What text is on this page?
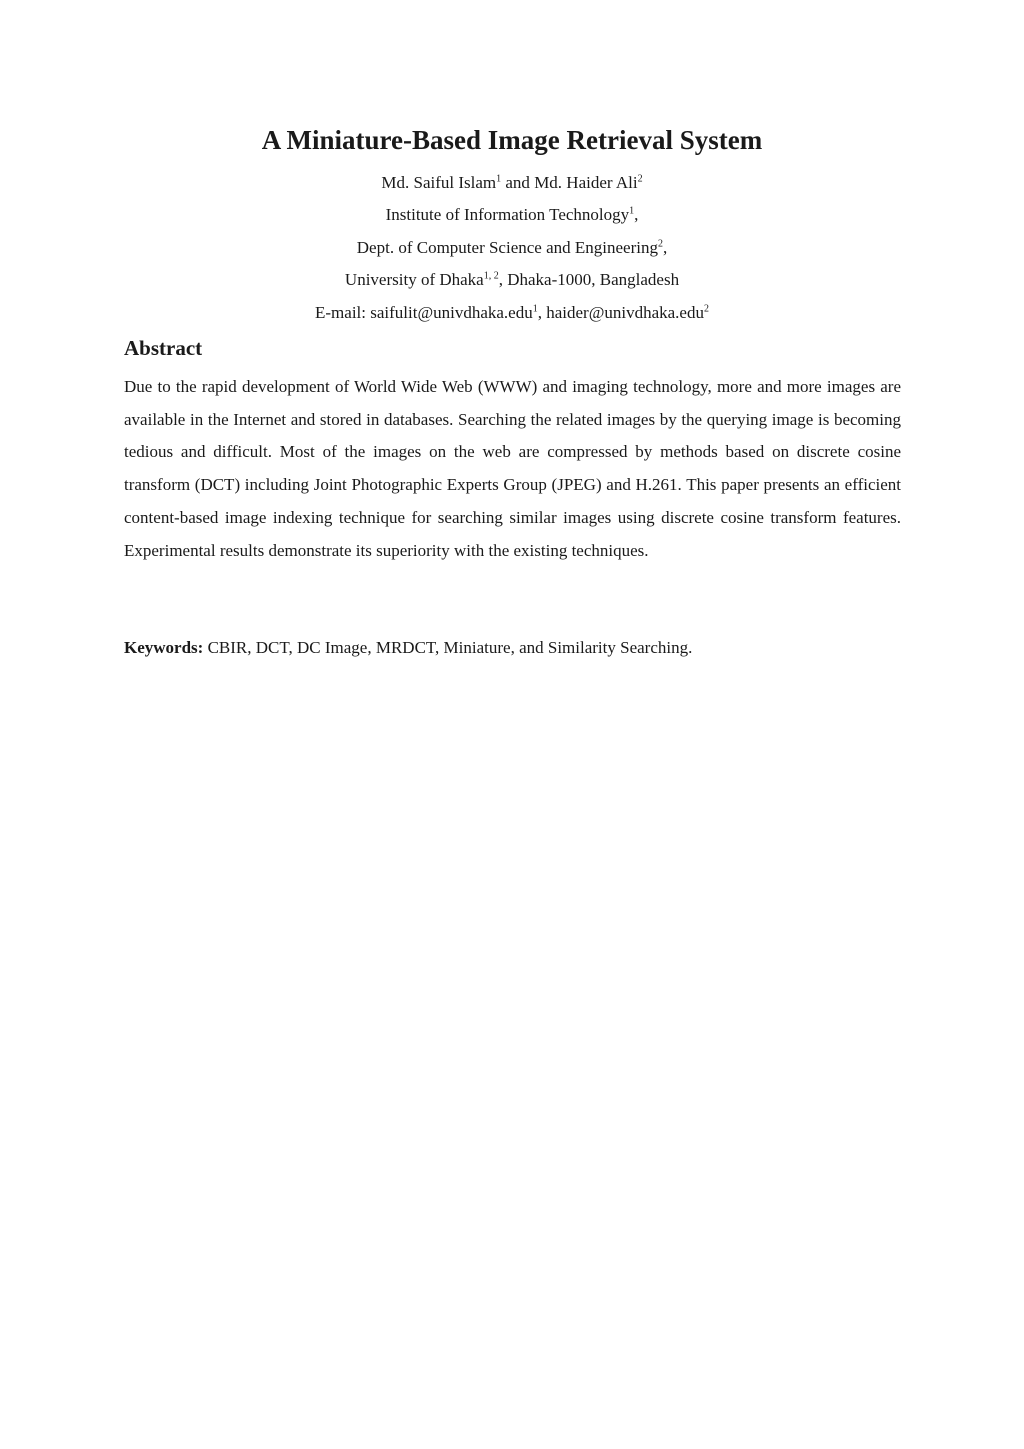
A Miniature-Based Image Retrieval System

Md. Saiful Islam$^1$ and Md. Haider Ali$^2$

Institute of Information Technology$^1$,

Dept. of Computer Science and Engineering$^2$,

University of Dhaka$^{1, 2}$, Dhaka-1000, Bangladesh

E-mail: saifulit@univdhaka.edu$^1$, haider@univdhaka.edu$^2$

Abstract

Due to the rapid development of World Wide Web (WWW) and imaging technology, more and more images are available in the Internet and stored in databases. Searching the related images by the querying image is becoming tedious and difficult. Most of the images on the web are compressed by methods based on discrete cosine transform (DCT) including Joint Photographic Experts Group (JPEG) and H.261. This paper presents an efficient content-based image indexing technique for searching similar images using discrete cosine transform features. Experimental results demonstrate its superiority with the existing techniques.

Keywords: CBIR, DCT, DC Image, MRDCT, Miniature, and Similarity Searching.
